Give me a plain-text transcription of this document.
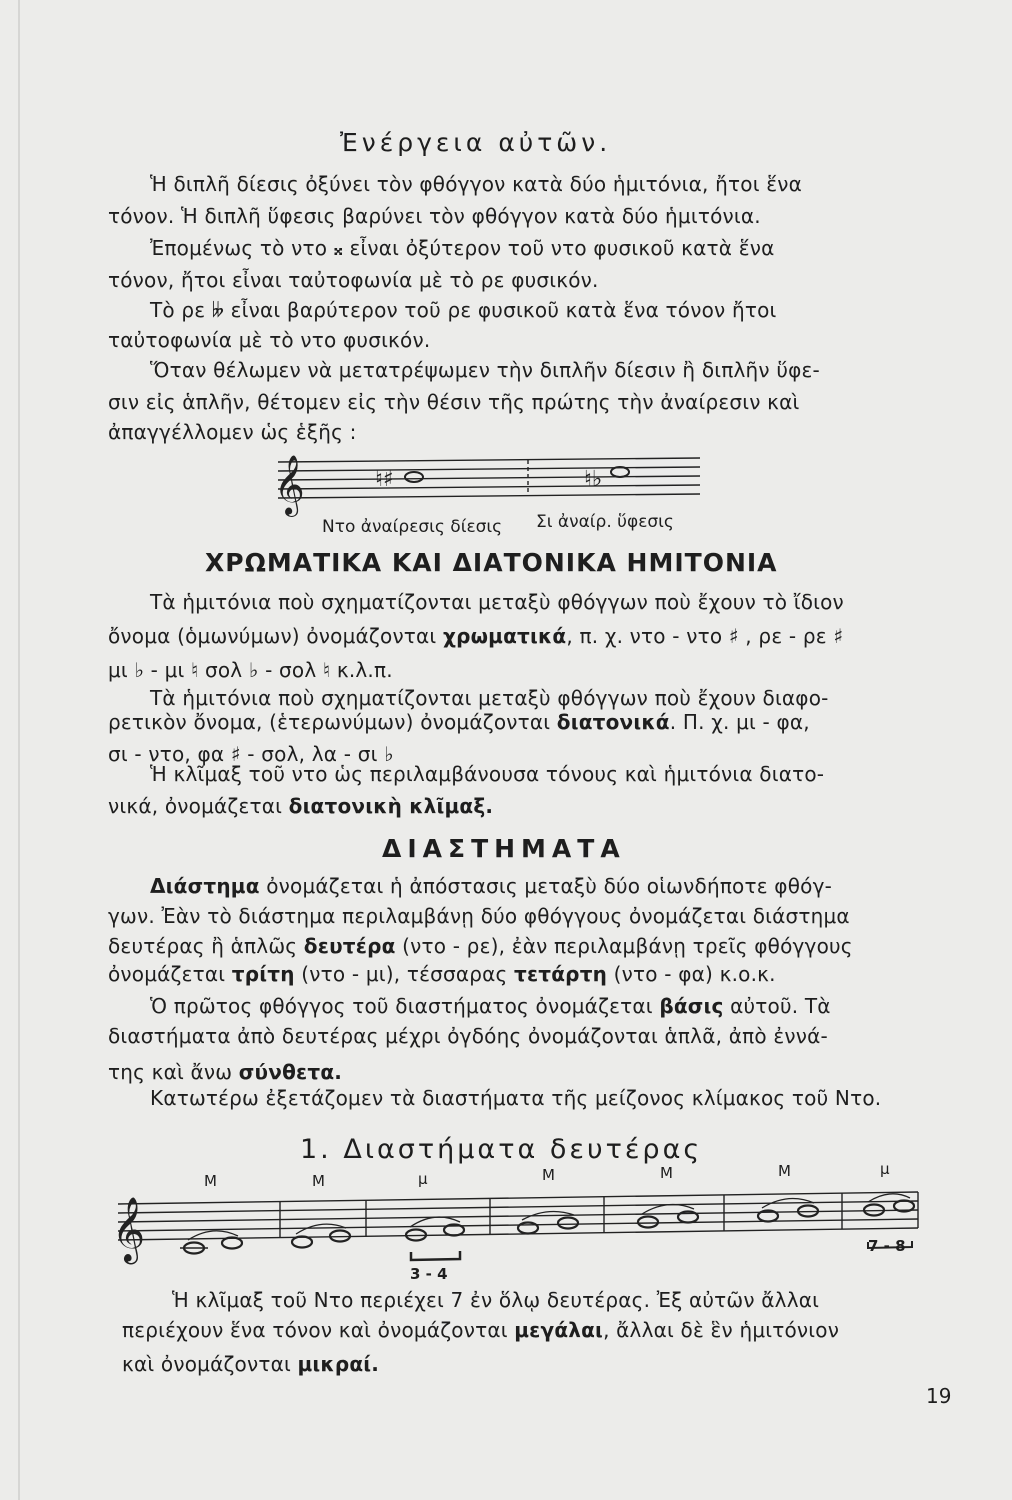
Ἐνέργεια αὐτῶν.
Ἡ διπλῆ δίεσις ὀξύνει τὸν φθόγγον κατὰ δύο ἡμιτόνια, ἤτοι ἕνα
τόνον. Ἡ διπλῆ ὕφεσις βαρύνει τὸν φθόγγον κατὰ δύο ἡμιτόνια.
Ἐπομένως τὸ ντο 𝄪 εἶναι ὀξύτερον τοῦ ντο φυσικοῦ κατὰ ἕνα
τόνον, ἤτοι εἶναι ταὐτοφωνία μὲ τὸ ρε φυσικόν.
Τὸ ρε 𝄫 εἶναι βαρύτερον τοῦ ρε φυσικοῦ κατὰ ἕνα τόνον ἤτοι
ταὐτοφωνία μὲ τὸ ντο φυσικόν.
Ὅταν θέλωμεν νὰ μετατρέψωμεν τὴν διπλῆν δίεσιν ἢ διπλῆν ὕφε-
σιν εἰς ἁπλῆν, θέτομεν εἰς τὴν θέσιν τῆς πρώτης τὴν ἀναίρεσιν καὶ
ἀπαγγέλλομεν ὡς ἑξῆς :
𝄞	♮♯	♮♭
Ντο ἀναίρεσις δίεσις Σι ἀναίρ. ὕφεσις
ΧΡΩΜΑΤΙΚΑ ΚΑΙ ΔΙΑΤΟΝΙΚΑ ΗΜΙΤΟΝΙΑ
Τὰ ἡμιτόνια ποὺ σχηματίζονται μεταξὺ φθόγγων ποὺ ἔχουν τὸ ἴδιον
ὄνομα (ὁμωνύμων) ὀνομάζονται χρωματικά, π. χ. ντο - ντο ♯ , ρε - ρε ♯
μι ♭ - μι ♮ σολ ♭ - σολ ♮ κ.λ.π.
Τὰ ἡμιτόνια ποὺ σχηματίζονται μεταξὺ φθόγγων ποὺ ἔχουν διαφο-
ρετικὸν ὄνομα, (ἑτερωνύμων) ὀνομάζονται διατονικά. Π. χ. μι - φα,
σι - ντο, φα ♯ - σολ, λα - σι ♭
Ἡ κλῖμαξ τοῦ ντο ὡς περιλαμβάνουσα τόνους καὶ ἡμιτόνια διατο-
νικά, ὀνομάζεται διατονικὴ κλῖμαξ.
ΔΙΑΣΤΗΜΑΤΑ
Διάστημα ὀνομάζεται ἡ ἀπόστασις μεταξὺ δύο οἱωνδήποτε φθόγ-
γων. Ἐὰν τὸ διάστημα περιλαμβάνῃ δύο φθόγγους ὀνομάζεται διάστημα
δευτέρας ἢ ἁπλῶς δευτέρα (ντο - ρε), ἐὰν περιλαμβάνῃ τρεῖς φθόγγους
ὀνομάζεται τρίτη (ντο - μι), τέσσαρας τετάρτη (ντο - φα) κ.ο.κ.
Ὁ πρῶτος φθόγγος τοῦ διαστήματος ὀνομάζεται βάσις αὐτοῦ. Τὰ
διαστήματα ἀπὸ δευτέρας μέχρι ὀγδόης ὀνομάζονται ἁπλᾶ, ἀπὸ ἐννά-
της καὶ ἄνω σύνθετα.
Κατωτέρω ἐξετάζομεν τὰ διαστήματα τῆς μείζονος κλίμακος τοῦ Ντο.
1. Διαστήματα δευτέρας
Μ	Μ	μ	Μ	Μ	Μ	μ
𝄞
3 - 4
7 - 8
Ἡ κλῖμαξ τοῦ Ντο περιέχει 7 ἐν ὅλῳ δευτέρας. Ἐξ αὐτῶν ἄλλαι
περιέχουν ἕνα τόνον καὶ ὀνομάζονται μεγάλαι, ἄλλαι δὲ ἓν ἡμιτόνιον
καὶ ὀνομάζονται μικραί.
19
